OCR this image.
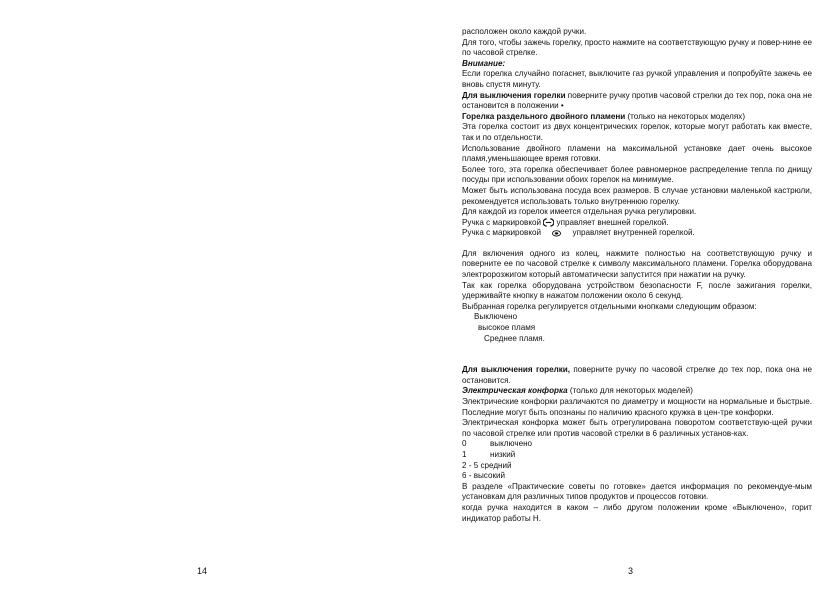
14	3

расположен около каждой ручки.

Для того, чтобы зажечь горелку, просто нажмите на соответствующую ручку и повер-нине ее по часовой стрелке.

Внимание:

Если горелка случайно погаснет, выключите газ ручкой управления и попробуйте зажечь ее вновь спустя минуту.

Для выключения горелки поверните ручку против часовой стрелки до тех пор, пока она не остановится в положении •

Горелка раздельного двойного пламени (только на некоторых моделях)

Эта горелка состоит из двух концентрических горелок, которые могут работать как вместе, так и по отдельности.

Использование двойного пламени на максимальной установке дает очень высокое пламя,уменьшающее время готовки.

Более того, эта горелка обеспечивает более равномерное распределение тепла по днищу посуды при использовании обоих горелок на минимуме.

Может быть использована посуда всех размеров. В случае установки маленькой кастрюли, рекомендуется использовать только внутреннюю горелку.

Для каждой из горелок имеется отдельная ручка регулировки.

Ручка с маркировкой управляет внешней горелкой.

Ручка с маркировкой	управляет внутренней горелкой.

Для включения одного из колец, нажмите полностью на соответствующую ручку и поверните ее по часовой стрелке к символу максимального пламени. Горелка оборудована электророзжигом который автоматически запустится при нажатии на ручку.

Так как горелка оборудована устройством безопасности F, после зажигания горелки, удерживайте кнопку в нажатом положении около 6 секунд.

Выбранная горелка регулируется отдельными кнопками следующим образом:

Выключено

высокое пламя

Среднее пламя.

Для выключения горелки, поверните ручку по часовой стрелке до тех пор, пока она не остановится.

Электрическая конфорка (только для некоторых моделей)

Электрические конфорки различаются по диаметру и мощности на нормальные и быстрые. Последние могут быть опознаны по наличию красного кружка в цен-тре конфорки.

Электрическая конфорка может быть отрегулирована поворотом соответствую-щей ручки по часовой стрелке или против часовой стрелки в 6 различных установ-ках.

0	выключено

1	низкий

2 - 5 средний

6 - высокий

В разделе «Практические советы по готовке» дается информация по рекомендуе-мым установкам для различных типов продуктов и процессов готовки.

когда ручка находится в каком – либо другом положении кроме «Выключено», горит индикатор работы Н.
